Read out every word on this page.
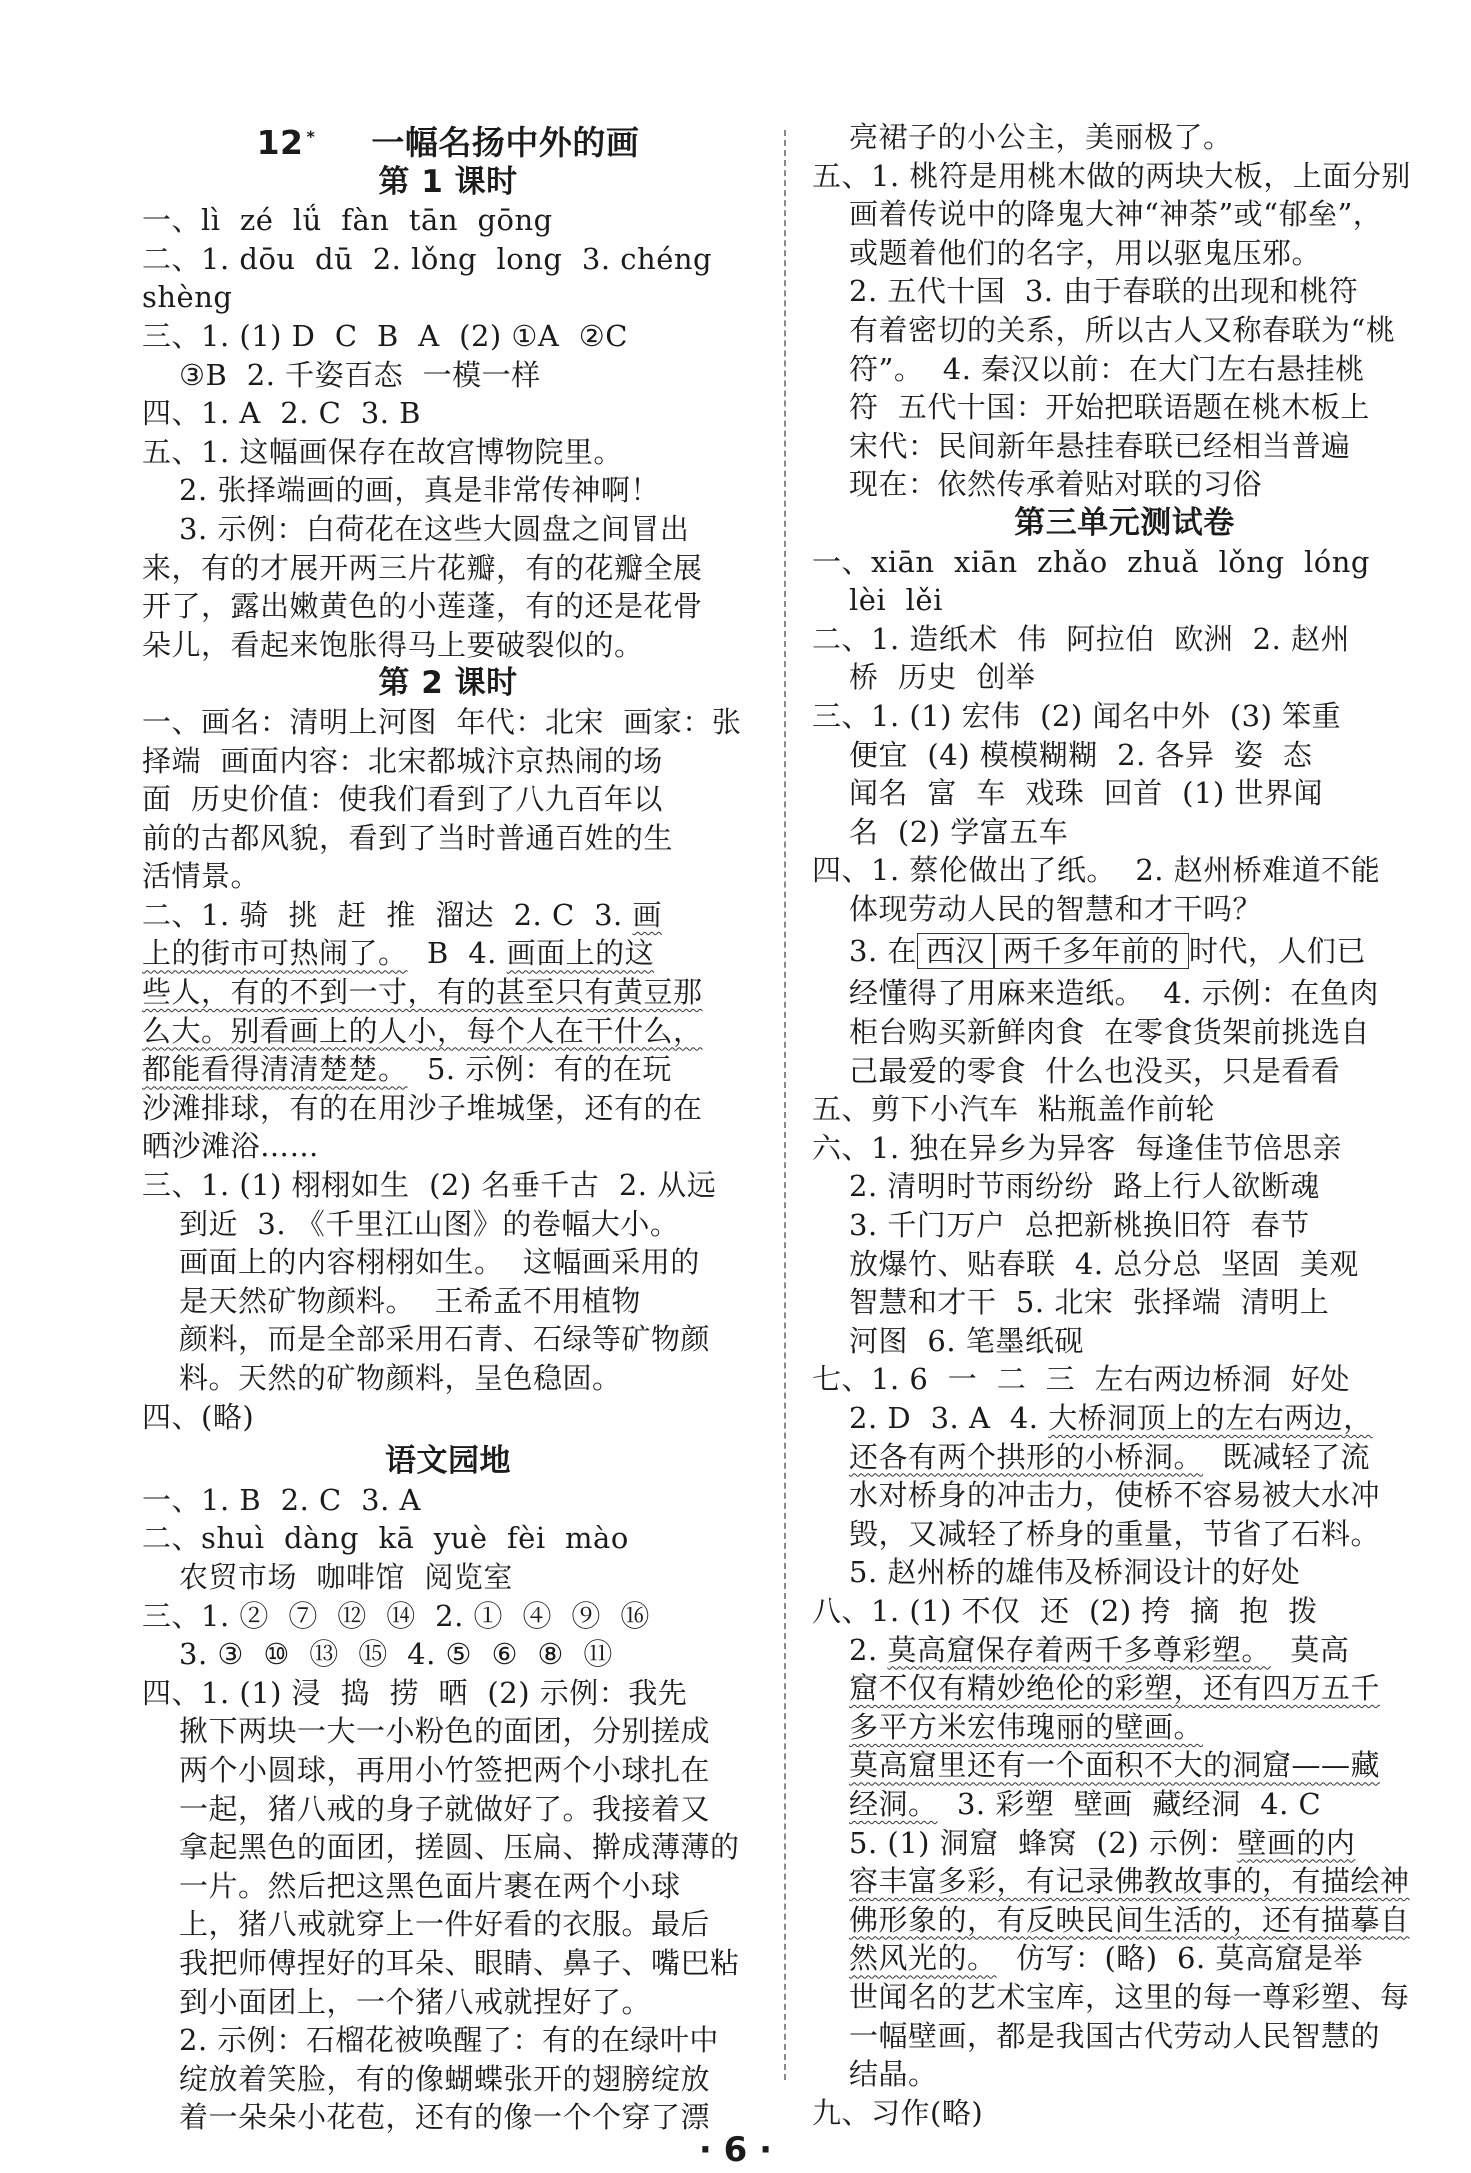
12 * 一幅名扬中外的画
第 1 课时
一、lì  zé  lǘ  fàn  tān  gōng
二、1. dōu  dū  2. lǒng  long  3. chéng
shèng
三、1. (1) D  C  B  A  (2) ①A  ②C
③B  2. 千姿百态  一模一样
四、1. A  2. C  3. B
五、1. 这幅画保存在故宫博物院里。
2. 张择端画的画，真是非常传神啊！
3. 示例：白荷花在这些大圆盘之间冒出
来，有的才展开两三片花瓣，有的花瓣全展
开了，露出嫩黄色的小莲蓬，有的还是花骨
朵儿，看起来饱胀得马上要破裂似的。
第 2 课时
一、画名：清明上河图  年代：北宋  画家：张
择端  画面内容：北宋都城汴京热闹的场
面  历史价值：使我们看到了八九百年以
前的古都风貌，看到了当时普通百姓的生
活情景。
二、1. 骑  挑  赶  推  溜达  2. C  3. 画
上的街市可热闹了。  B  4. 画面上的这
些人，有的不到一寸，有的甚至只有黄豆那
么大。别看画上的人小，每个人在干什么，
都能看得清清楚楚。  5. 示例：有的在玩
沙滩排球，有的在用沙子堆城堡，还有的在
晒沙滩浴……
三、1. (1) 栩栩如生  (2) 名垂千古  2. 从远
到近  3. 《千里江山图》的卷幅大小。
画面上的内容栩栩如生。  这幅画采用的
是天然矿物颜料。  王希孟不用植物
颜料，而是全部采用石青、石绿等矿物颜
料。天然的矿物颜料，呈色稳固。
四、(略)
语文园地
一、1. B  2. C  3. A
二、shuì  dàng  kā  yuè  fèi  mào
农贸市场  咖啡馆  阅览室
三、1. ②  ⑦  ⑫  ⑭  2. ①  ④  ⑨  ⑯
3. ③  ⑩  ⑬  ⑮  4. ⑤  ⑥  ⑧  ⑪
四、1. (1) 浸  捣  捞  晒  (2) 示例：我先
揪下两块一大一小粉色的面团，分别搓成
两个小圆球，再用小竹签把两个小球扎在
一起，猪八戒的身子就做好了。我接着又
拿起黑色的面团，搓圆、压扁、擀成薄薄的
一片。然后把这黑色面片裹在两个小球
上，猪八戒就穿上一件好看的衣服。最后
我把师傅捏好的耳朵、眼睛、鼻子、嘴巴粘
到小面团上，一个猪八戒就捏好了。
2. 示例：石榴花被唤醒了：有的在绿叶中
绽放着笑脸，有的像蝴蝶张开的翅膀绽放
着一朵朵小花苞，还有的像一个个穿了漂
亮裙子的小公主，美丽极了。
五、1. 桃符是用桃木做的两块大板，上面分别
画着传说中的降鬼大神“神荼”或“郁垒”，
或题着他们的名字，用以驱鬼压邪。
2. 五代十国  3. 由于春联的出现和桃符
有着密切的关系，所以古人又称春联为“桃
符”。  4. 秦汉以前：在大门左右悬挂桃
符  五代十国：开始把联语题在桃木板上
宋代：民间新年悬挂春联已经相当普遍
现在：依然传承着贴对联的习俗
第三单元测试卷
一、xiān  xiān  zhǎo  zhuǎ  lǒng  lóng
lèi  lěi
二、1. 造纸术  伟  阿拉伯  欧洲  2. 赵州
桥  历史  创举
三、1. (1) 宏伟  (2) 闻名中外  (3) 笨重
便宜  (4) 模模糊糊  2. 各异  姿  态
闻名  富  车  戏珠  回首  (1) 世界闻
名  (2) 学富五车
四、1. 蔡伦做出了纸。  2. 赵州桥难道不能
体现劳动人民的智慧和才干吗？
3. 在 西汉 两千多年前的 时代，人们已
经懂得了用麻来造纸。  4. 示例：在鱼肉
柜台购买新鲜肉食  在零食货架前挑选自
己最爱的零食  什么也没买，只是看看
五、剪下小汽车  粘瓶盖作前轮
六、1. 独在异乡为异客  每逢佳节倍思亲
2. 清明时节雨纷纷  路上行人欲断魂
3. 千门万户  总把新桃换旧符  春节
放爆竹、贴春联  4. 总分总  坚固  美观
智慧和才干  5. 北宋  张择端  清明上
河图  6. 笔墨纸砚
七、1. 6  一  二  三  左右两边桥洞  好处
2. D  3. A  4. 大桥洞顶上的左右两边，
还各有两个拱形的小桥洞。  既减轻了流
水对桥身的冲击力，使桥不容易被大水冲
毁，又减轻了桥身的重量，节省了石料。
5. 赵州桥的雄伟及桥洞设计的好处
八、1. (1) 不仅  还  (2) 挎  摘  抱  拨
2. 莫高窟保存着两千多尊彩塑。  莫高
窟不仅有精妙绝伦的彩塑，还有四万五千
多平方米宏伟瑰丽的壁画。
莫高窟里还有一个面积不大的洞窟——藏
经洞。  3. 彩塑  壁画  藏经洞  4. C
5. (1) 洞窟  蜂窝  (2) 示例：壁画的内
容丰富多彩，有记录佛教故事的，有描绘神
佛形象的，有反映民间生活的，还有描摹自
然风光的。  仿写：(略)  6. 莫高窟是举
世闻名的艺术宝库，这里的每一尊彩塑、每
一幅壁画，都是我国古代劳动人民智慧的
结晶。
九、习作(略)
· 6 ·
